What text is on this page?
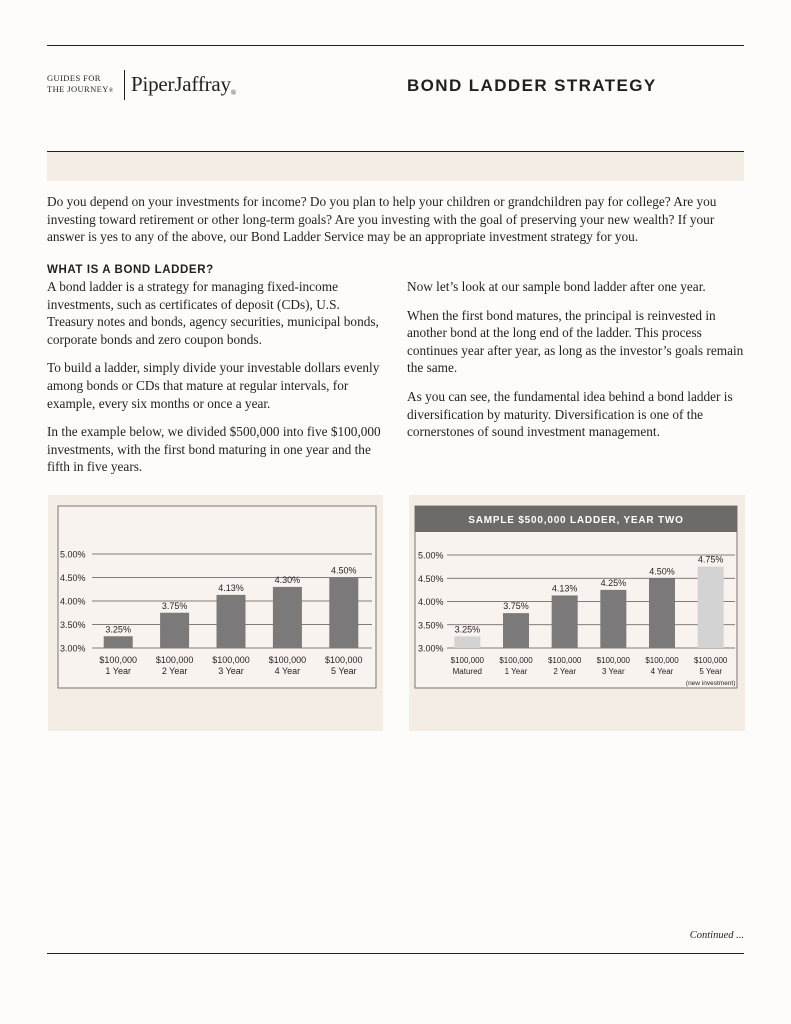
GUIDES FOR
THE JOURNEY® PiperJaffray®	BOND LADDER STRATEGY

Do you depend on your investments for income? Do you plan to help your children or grandchildren pay for college? Are you investing toward retirement or other long-term goals? Are you investing with the goal of preserving your new wealth? If your answer is yes to any of the above, our Bond Ladder Service may be an appropriate investment strategy for you.

WHAT IS A BOND LADDER?

A bond ladder is a strategy for managing fixed-income investments, such as certificates of deposit (CDs), U.S. Treasury notes and bonds, agency securities, municipal bonds, corporate bonds and zero coupon bonds.

To build a ladder, simply divide your investable dollars evenly among bonds or CDs that mature at regular intervals, for example, every six months or once a year.

In the example below, we divided $500,000 into five $100,000 investments, with the first bond maturing in one year and the fifth in five years.

Now let’s look at our sample bond ladder after one year.

When the first bond matures, the principal is reinvested in another bond at the long end of the ladder. This process continues year after year, as long as the investor’s goals remain the same.

As you can see, the fundamental idea behind a bond ladder is diversification by maturity. Diversification is one of the cornerstones of sound investment management.

3.00%
3.50%
4.00%
4.50%
5.00%
3.25%
$100,000
1 Year
3.75%
$100,000
2 Year
4.13%
$100,000
3 Year
4.30%
$100,000
4 Year
4.50%
$100,000
5 Year
SAMPLE $500,000 LADDER, YEAR TWO
3.00%
3.50%
4.00%
4.50%
5.00%
3.25%
$100,000
Matured
3.75%
$100,000
1 Year
4.13%
$100,000
2 Year
4.25%
$100,000
3 Year
4.50%
$100,000
4 Year
4.75%
$100,000
5 Year
(new investment)
Continued ...
